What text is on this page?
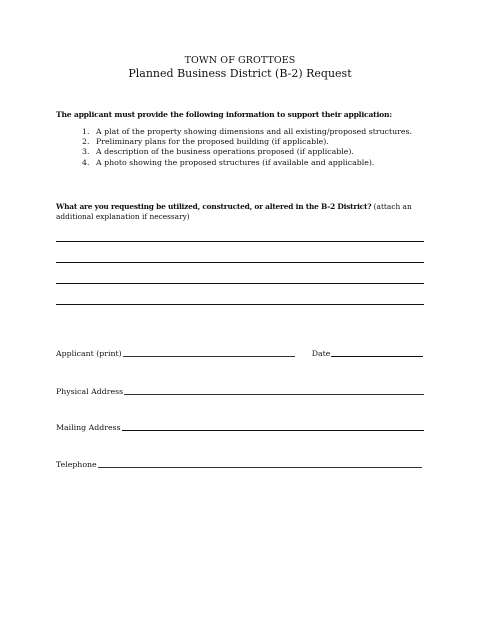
TOWN OF GROTTOES
Planned Business District (B-2) Request
The applicant must provide the following information to support their application:
1. A plat of the property showing dimensions and all existing/proposed structures.
2. Preliminary plans for the proposed building (if applicable).
3. A description of the business operations proposed (if applicable).
4. A photo showing the proposed structures (if available and applicable).
What are you requesting be utilized, constructed, or altered in the B-2 District? (attach an additional explanation if necessary)
Applicant (print)	Date
Physical Address
Mailing Address
Telephone
